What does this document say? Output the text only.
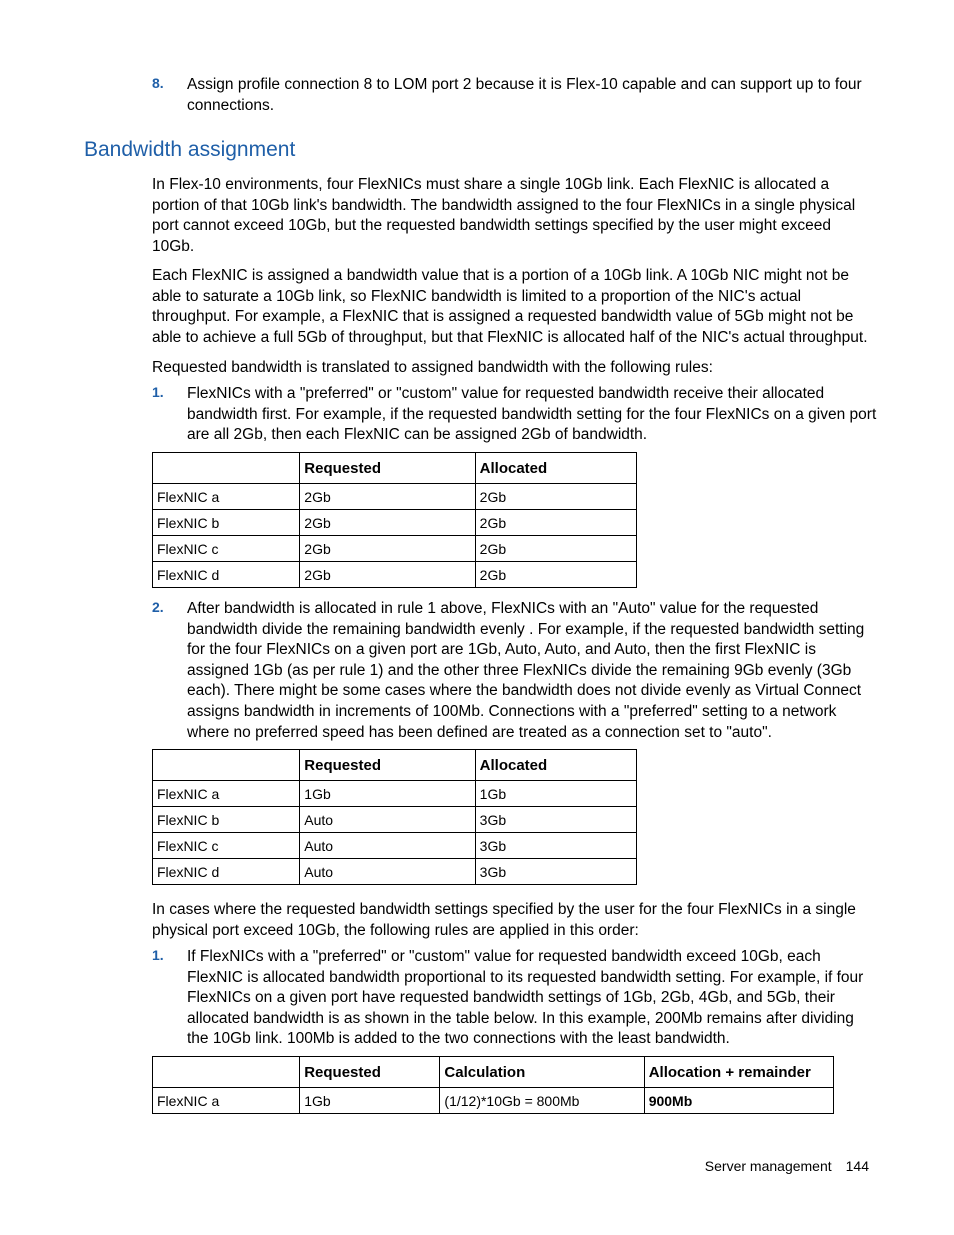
8. Assign profile connection 8 to LOM port 2 because it is Flex-10 capable and can support up to four connections.
Bandwidth assignment
In Flex-10 environments, four FlexNICs must share a single 10Gb link. Each FlexNIC is allocated a portion of that 10Gb link's bandwidth. The bandwidth assigned to the four FlexNICs in a single physical port cannot exceed 10Gb, but the requested bandwidth settings specified by the user might exceed 10Gb.
Each FlexNIC is assigned a bandwidth value that is a portion of a 10Gb link. A 10Gb NIC might not be able to saturate a 10Gb link, so FlexNIC bandwidth is limited to a proportion of the NIC's actual throughput. For example, a FlexNIC that is assigned a requested bandwidth value of 5Gb might not be able to achieve a full 5Gb of throughput, but that FlexNIC is allocated half of the NIC's actual throughput.
Requested bandwidth is translated to assigned bandwidth with the following rules:
1. FlexNICs with a "preferred" or "custom" value for requested bandwidth receive their allocated bandwidth first. For example, if the requested bandwidth setting for the four FlexNICs on a given port are all 2Gb, then each FlexNIC can be assigned 2Gb of bandwidth.
	Requested	Allocated
FlexNIC a	2Gb	2Gb
FlexNIC b	2Gb	2Gb
FlexNIC c	2Gb	2Gb
FlexNIC d	2Gb	2Gb
2. After bandwidth is allocated in rule 1 above, FlexNICs with an "Auto" value for the requested bandwidth divide the remaining bandwidth evenly . For example, if the requested bandwidth setting for the four FlexNICs on a given port are 1Gb, Auto, Auto, and Auto, then the first FlexNIC is assigned 1Gb (as per rule 1) and the other three FlexNICs divide the remaining 9Gb evenly (3Gb each). There might be some cases where the bandwidth does not divide evenly as Virtual Connect assigns bandwidth in increments of 100Mb. Connections with a "preferred" setting to a network where no preferred speed has been defined are treated as a connection set to "auto".
	Requested	Allocated
FlexNIC a	1Gb	1Gb
FlexNIC b	Auto	3Gb
FlexNIC c	Auto	3Gb
FlexNIC d	Auto	3Gb
In cases where the requested bandwidth settings specified by the user for the four FlexNICs in a single physical port exceed 10Gb, the following rules are applied in this order:
1. If FlexNICs with a "preferred" or "custom" value for requested bandwidth exceed 10Gb, each FlexNIC is allocated bandwidth proportional to its requested bandwidth setting. For example, if four FlexNICs on a given port have requested bandwidth settings of 1Gb, 2Gb, 4Gb, and 5Gb, their allocated bandwidth is as shown in the table below. In this example, 200Mb remains after dividing the 10Gb link. 100Mb is added to the two connections with the least bandwidth.
	Requested	Calculation	Allocation + remainder
FlexNIC a	1Gb	(1/12)*10Gb = 800Mb	900Mb
Server management 144
